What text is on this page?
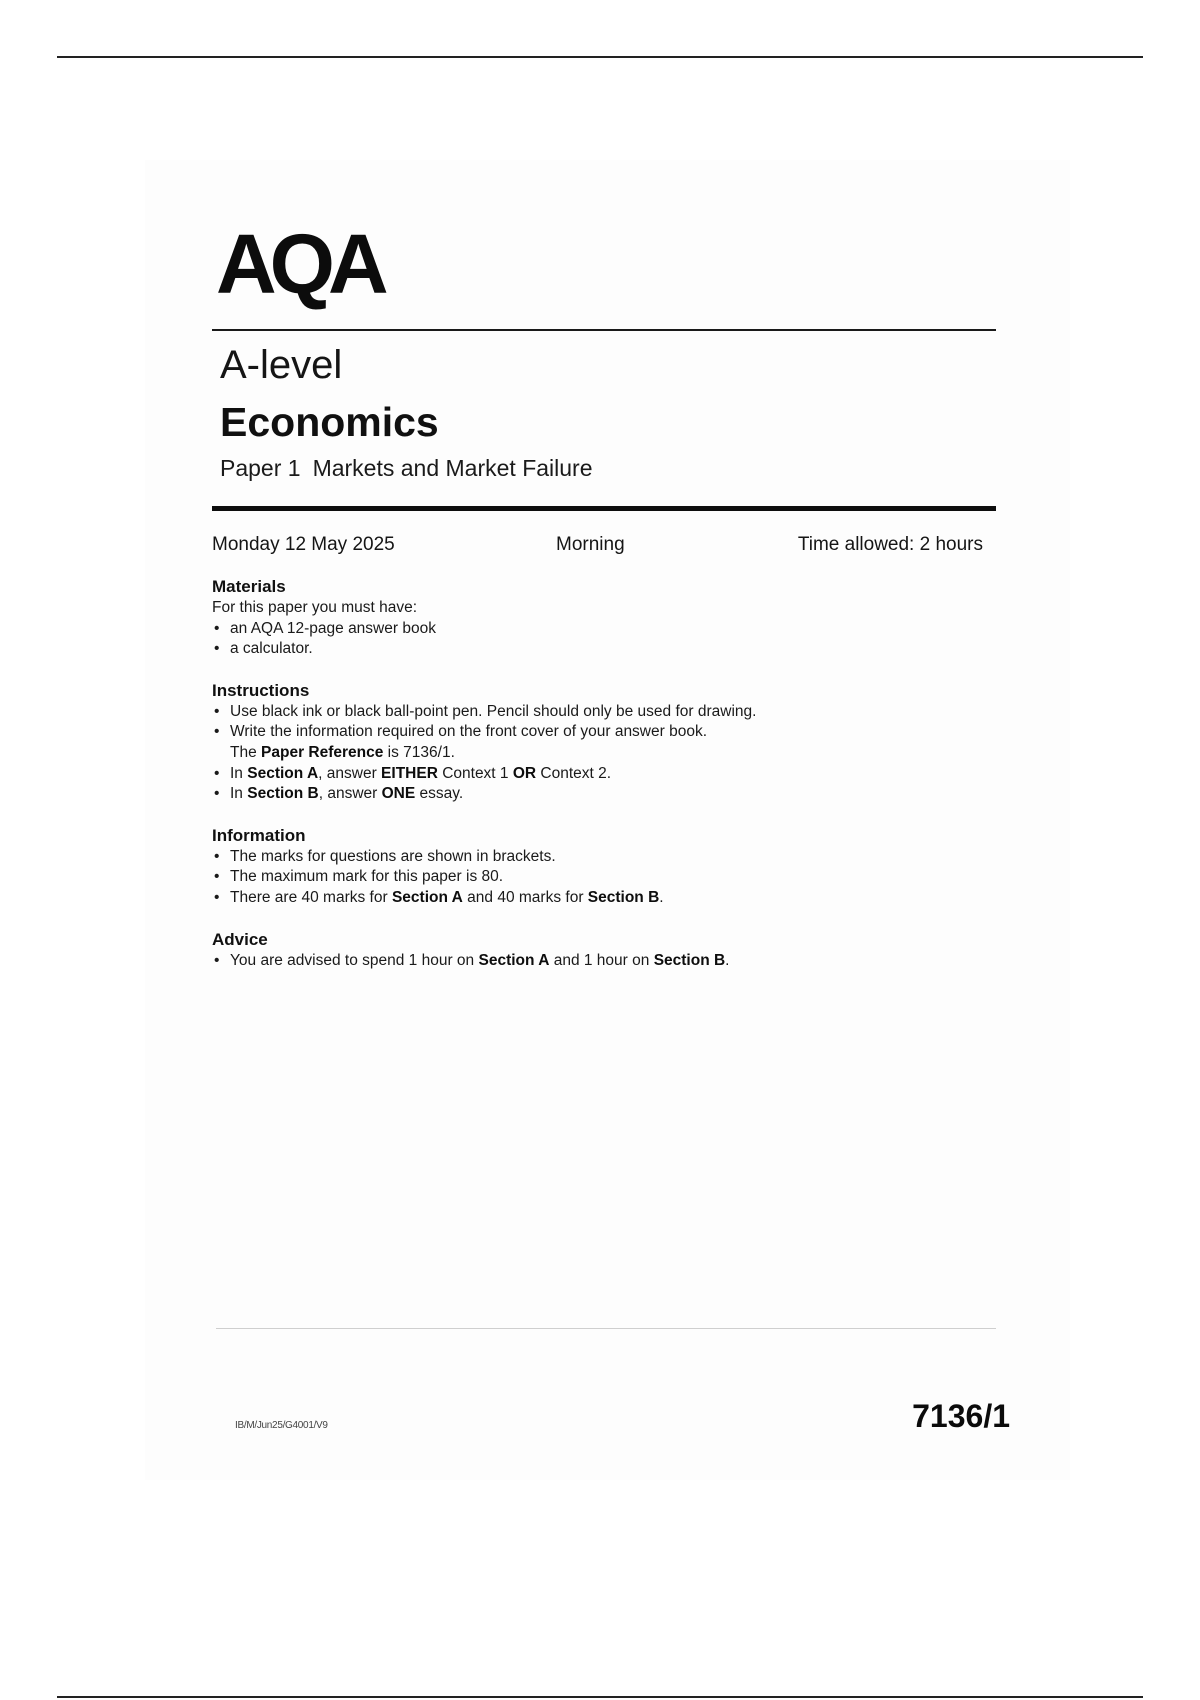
AQA
A-level
Economics
Paper 1 Markets and Market Failure
Monday 12 May 2025	Morning	Time allowed: 2 hours
Materials
For this paper you must have:
• an AQA 12-page answer book
• a calculator.
Instructions
• Use black ink or black ball-point pen. Pencil should only be used for drawing.
• Write the information required on the front cover of your answer book.
The Paper Reference is 7136/1.
• In Section A, answer EITHER Context 1 OR Context 2.
• In Section B, answer ONE essay.
Information
• The marks for questions are shown in brackets.
• The maximum mark for this paper is 80.
• There are 40 marks for Section A and 40 marks for Section B.
Advice
• You are advised to spend 1 hour on Section A and 1 hour on Section B.
IB/M/Jun25/G4001/V9	7136/1
